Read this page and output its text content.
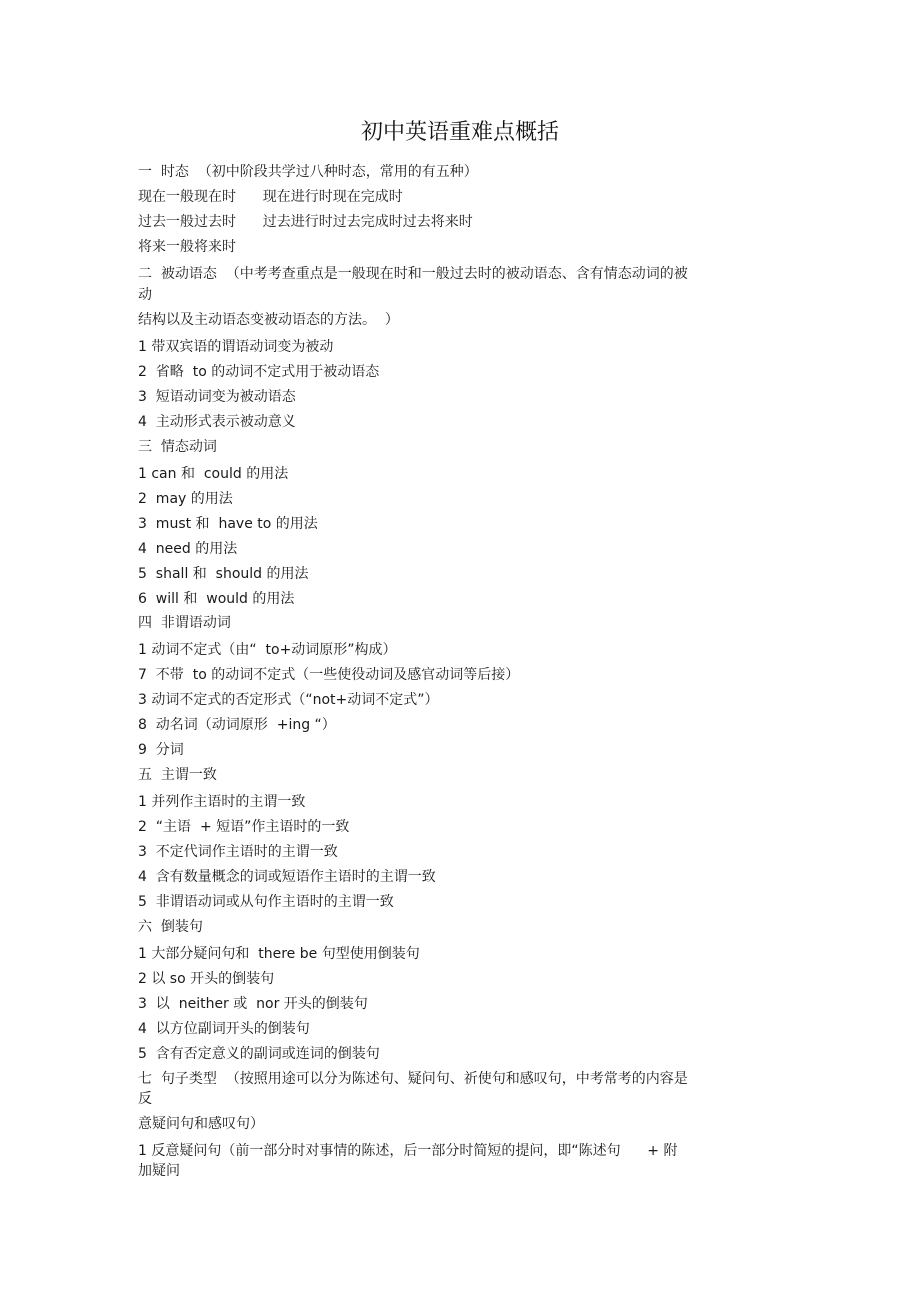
初中英语重难点概括
一  时态  （初中阶段共学过八种时态，常用的有五种）
现在一般现在时      现在进行时现在完成时
过去一般过去时      过去进行时过去完成时过去将来时
将来一般将来时
二  被动语态  （中考考查重点是一般现在时和一般过去时的被动语态、含有情态动词的被
动
结构以及主动语态变被动语态的方法。  ）
1 带双宾语的谓语动词变为被动
2  省略  to 的动词不定式用于被动语态
3  短语动词变为被动语态
4  主动形式表示被动意义
三  情态动词
1 can 和  could 的用法
2  may 的用法
3  must 和  have to 的用法
4  need 的用法
5  shall 和  should 的用法
6  will 和  would 的用法
四  非谓语动词
1 动词不定式（由“  to+动词原形”构成）
7  不带  to 的动词不定式（一些使役动词及感官动词等后接）
3 动词不定式的否定形式（“not+动词不定式”）
8  动名词（动词原形  +ing “）
9  分词
五  主谓一致
1 并列作主语时的主谓一致
2  “主语  + 短语”作主语时的一致
3  不定代词作主语时的主谓一致
4  含有数量概念的词或短语作主语时的主谓一致
5  非谓语动词或从句作主语时的主谓一致
六  倒装句
1 大部分疑问句和  there be 句型使用倒装句
2 以 so 开头的倒装句
3  以  neither 或  nor 开头的倒装句
4  以方位副词开头的倒装句
5  含有否定意义的副词或连词的倒装句
七  句子类型  （按照用途可以分为陈述句、疑问句、祈使句和感叹句，中考常考的内容是
反
意疑问句和感叹句）
1 反意疑问句（前一部分时对事情的陈述，后一部分时简短的提问，即“陈述句      + 附
加疑问
